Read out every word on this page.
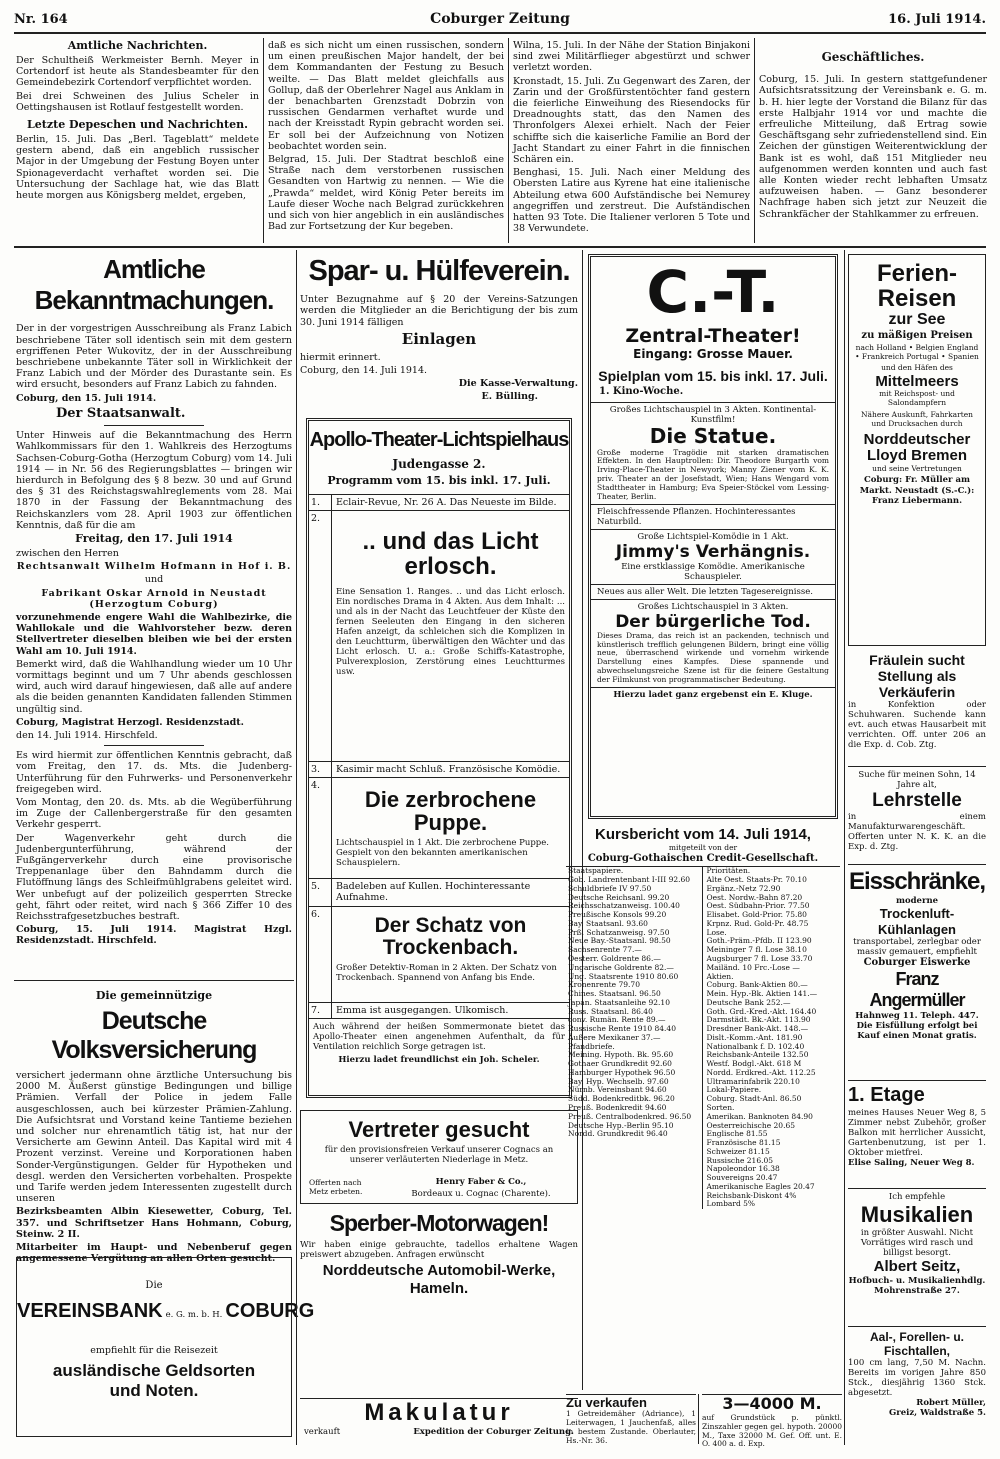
Nr. 164	Coburger Zeitung	16. Juli 1914.
Amtliche Nachrichten.

Der Schultheiß Werkmeister Bernh. Meyer in Cortendorf ist heute als Standesbeamter für den Gemeindebezirk Cortendorf verpflichtet worden.

Bei drei Schweinen des Julius Scheler in Oettingshausen ist Rotlauf festgestellt worden.

Letzte Depeschen und Nachrichten.

Berlin, 15. Juli. Das „Berl. Tageblatt“ meldete gestern abend, daß ein angeblich russischer Major in der Umgebung der Festung Boyen unter Spionageverdacht verhaftet worden sei. Die Untersuchung der Sachlage hat, wie das Blatt heute morgen aus Königsberg meldet, ergeben,

daß es sich nicht um einen russischen, sondern um einen preußischen Major handelt, der bei dem Kommandanten der Festung zu Besuch weilte. — Das Blatt meldet gleichfalls aus Gollup, daß der Oberlehrer Nagel aus Anklam in der benachbarten Grenzstadt Dobrzin von russischen Gendarmen verhaftet wurde und nach der Kreisstadt Rypin gebracht worden sei. Er soll bei der Aufzeichnung von Notizen beobachtet worden sein.

Belgrad, 15. Juli. Der Stadtrat beschloß eine Straße nach dem verstorbenen russischen Gesandten von Hartwig zu nennen. — Wie die „Prawda“ meldet, wird König Peter bereits im Laufe dieser Woche nach Belgrad zurückkehren und sich von hier angeblich in ein ausländisches Bad zur Fortsetzung der Kur begeben.

Wilna, 15. Juli. In der Nähe der Station Binjakoni sind zwei Militärflieger abgestürzt und schwer verletzt worden.

Kronstadt, 15. Juli. Zu Gegenwart des Zaren, der Zarin und der Großfürstentöchter fand gestern die feierliche Einweihung des Riesendocks für Dreadnoughts statt, das den Namen des Thronfolgers Alexei erhielt. Nach der Feier schiffte sich die kaiserliche Familie an Bord der Jacht Standart zu einer Fahrt in die finnischen Schären ein.

Benghasi, 15. Juli. Nach einer Meldung des Obersten Latire aus Kyrene hat eine italienische Abteilung etwa 600 Aufständische bei Nemurey angegriffen und zerstreut. Die Aufständischen hatten 93 Tote. Die Italiener verloren 5 Tote und 38 Verwundete.

Geschäftliches.

Coburg, 15. Juli. In gestern stattgefundener Aufsichtsratssitzung der Vereinsbank e. G. m. b. H. hier legte der Vorstand die Bilanz für das erste Halbjahr 1914 vor und machte die erfreuliche Mitteilung, daß Ertrag sowie Geschäftsgang sehr zufriedenstellend sind. Ein Zeichen der günstigen Weiterentwicklung der Bank ist es wohl, daß 151 Mitglieder neu aufgenommen werden konnten und auch fast alle Konten wieder recht lebhaften Umsatz aufzuweisen haben. — Ganz besonderer Nachfrage haben sich jetzt zur Neuzeit die Schrankfächer der Stahlkammer zu erfreuen.

Amtliche Bekanntmachungen.

Der in der vorgestrigen Ausschreibung als Franz Labich beschriebene Täter soll identisch sein mit dem gestern ergriffenen Peter Wukovitz, der in der Ausschreibung beschriebene unbekannte Täter soll in Wirklichkeit der Franz Labich und der Mörder des Durastante sein. Es wird ersucht, besonders auf Franz Labich zu fahnden.

Coburg, den 15. Juli 1914.

Der Staatsanwalt.

Unter Hinweis auf die Bekanntmachung des Herrn Wahlkommissars für den 1. Wahlkreis des Herzogtums Sachsen-Coburg-Gotha (Herzogtum Coburg) vom 14. Juli 1914 — in Nr. 56 des Regierungsblattes — bringen wir hierdurch in Befolgung des § 8 bezw. 30 und auf Grund des § 31 des Reichstagswahlreglements vom 28. Mai 1870 in der Fassung der Bekanntmachung des Reichskanzlers vom 28. April 1903 zur öffentlichen Kenntnis, daß für die am

Freitag, den 17. Juli 1914

zwischen den Herren

Rechtsanwalt Wilhelm Hofmann in Hof i. B.

und

Fabrikant Oskar Arnold in Neustadt (Herzogtum Coburg)

vorzunehmende engere Wahl die Wahlbezirke, die Wahllokale und die Wahlvorsteher bezw. deren Stellvertreter dieselben bleiben wie bei der ersten Wahl am 10. Juli 1914.

Bemerkt wird, daß die Wahlhandlung wieder um 10 Uhr vormittags beginnt und um 7 Uhr abends geschlossen wird, auch wird darauf hingewiesen, daß alle auf andere als die beiden genannten Kandidaten fallenden Stimmen ungültig sind.

Coburg, Magistrat Herzogl. Residenzstadt.

den 14. Juli 1914. Hirschfeld.

Es wird hiermit zur öffentlichen Kenntnis gebracht, daß vom Freitag, den 17. ds. Mts. die Judenberg-Unterführung für den Fuhrwerks- und Personenverkehr freigegeben wird.

Vom Montag, den 20. ds. Mts. ab die Wegüberführung im Zuge der Callenbergerstraße für den gesamten Verkehr gesperrt.

Der Wagenverkehr geht durch die Judenbergunterführung, während der Fußgängerverkehr durch eine provisorische Treppenanlage über den Bahndamm durch die Flutöffnung längs des Schleifmühlgrabens geleitet wird. Wer unbefugt auf der polizeilich gesperrten Strecke geht, fährt oder reitet, wird nach § 366 Ziffer 10 des Reichsstrafgesetzbuches bestraft.

Coburg, 15. Juli 1914. Magistrat Hzgl. Residenzstadt. Hirschfeld.

Die gemeinnützige
Deutsche Volksversicherung

versichert jedermann ohne ärztliche Untersuchung bis 2000 M. Äußerst günstige Bedingungen und billige Prämien. Verfall der Police in jedem Falle ausgeschlossen, auch bei kürzester Prämien-Zahlung. Die Aufsichtsrat und Vorstand keine Tantieme beziehen und solcher nur ehrenamtlich tätig ist, hat nur der Versicherte am Gewinn Anteil. Das Kapital wird mit 4 Prozent verzinst. Vereine und Korporationen haben Sonder-Vergünstigungen. Gelder für Hypotheken und desgl. werden den Versicherten vorbehalten. Prospekte und Tarife werden jedem Interessenten zugestellt durch unseren

Bezirksbeamten Albin Kiesewetter, Coburg, Tel. 357. und Schriftsetzer Hans Hohmann, Coburg, Steinw. 2 II.

Mitarbeiter im Haupt- und Nebenberuf gegen angemessene Vergütung an allen Orten gesucht.

Die
VEREINSBANK e. G. m. b. H. COBURG
empfiehlt für die Reisezeit
ausländische Geldsorten und Noten.
Spar- u. Hülfeverein.

Unter Bezugnahme auf § 20 der Vereins-Satzungen werden die Mitglieder an die Berichtigung der bis zum 30. Juni 1914 fälligen

Einlagen

hiermit erinnert.

Coburg, den 14. Juli 1914.

Die Kasse-Verwaltung.

E. Bülling.

Apollo-Theater-Lichtspielhaus
Judengasse 2.
Programm vom 15. bis inkl. 17. Juli.
1.	Eclair-Revue, Nr. 26 A. Das Neueste im Bilde.
2.
.. und das Licht erlosch.
Eine Sensation 1. Ranges. .. und das Licht erlosch. Ein nordisches Drama in 4 Akten. Aus dem Inhalt: ... und als in der Nacht das Leuchtfeuer der Küste den fernen Seeleuten den Eingang in den sicheren Hafen anzeigt, da schleichen sich die Komplizen in den Leuchtturm, überwältigen den Wächter und das Licht erlosch. U. a.: Große Schiffs-Katastrophe, Pulverexplosion, Zerstörung eines Leuchtturmes usw.
3.	Kasimir macht Schluß. Französische Komödie.
4.
Die zerbrochene Puppe.
Lichtschauspiel in 1 Akt. Die zerbrochene Puppe. Gespielt von den bekannten amerikanischen Schauspielern.
5.	Badeleben auf Kullen. Hochinteressante Aufnahme.
6.	Der Schatz von Trockenbach.
Großer Detektiv-Roman in 2 Akten. Der Schatz von Trockenbach. Spannend von Anfang bis Ende.
7.	Emma ist ausgegangen. Ulkomisch.
Auch während der heißen Sommermonate bietet das Apollo-Theater einen angenehmen Aufenthalt, da für Ventilation reichlich Sorge getragen ist.
Hierzu ladet freundlichst ein Joh. Scheler.
Vertreter gesucht
für den provisionsfreien Verkauf unserer Cognacs an unserer verläuterten Niederlage in Metz.
Offerten nach Metz erbeten.
Henry Faber & Co.,
Bordeaux u. Cognac (Charente).
Sperber-Motorwagen!
Wir haben einige gebrauchte, tadellos erhaltene Wagen preiswert abzugeben. Anfragen erwünscht
Norddeutsche Automobil-Werke, Hameln.
Makulatur
verkauft	Expedition der Coburger Zeitung.
C.-T.
Zentral-Theater!
Eingang: Grosse Mauer.
Spielplan vom 15. bis inkl. 17. Juli.
1. Kino-Woche.
Großes Lichtschauspiel in 3 Akten. Kontinental-Kunstfilm!
Die Statue.
Große moderne Tragödie mit starken dramatischen Effekten. In den Hauptrollen: Dir. Theodore Burgarth vom Irving-Place-Theater in Newyork; Manny Ziener vom K. K. priv. Theater an der Josefstadt, Wien; Hans Wengard vom Stadttheater in Hamburg; Eva Speier-Stöckel vom Lessing-Theater, Berlin.
Fleischfressende Pflanzen. Hochinteressantes Naturbild.
Große Lichtspiel-Komödie in 1 Akt.
Jimmy's Verhängnis.
Eine erstklassige Komödie. Amerikanische Schauspieler.
Neues aus aller Welt. Die letzten Tagesereignisse.
Großes Lichtschauspiel in 3 Akten.
Der bürgerliche Tod.
Dieses Drama, das reich ist an packenden, technisch und künstlerisch trefflich gelungenen Bildern, bringt eine völlig neue, überraschend wirkende und vornehm wirkende Darstellung eines Kampfes. Diese spannende und abwechselungsreiche Szene ist für die feinere Gestaltung der Filmkunst von programmatischer Bedeutung.
Hierzu ladet ganz ergebenst ein E. Kluge.
Kursbericht vom 14. Juli 1914,
mitgeteilt von der
Coburg-Gothaischen Credit-Gesellschaft.
Staatspapiere.
Gob. Landrentenbant I-III 92.60
Schuldbriefe IV 97.50
Deutsche Reichsanl. 99.20
Reichsschatzanweisg. 100.40
Preußische Konsols 99.20
Bay. Staatsanl. 93.60
Prß. Schatzanweisg. 97.50
Neue Bay.-Staatsanl. 98.50
Sachsenrente 77.—
Oesterr. Goldrente 86.—
Ungarische Goldrente 82.—
Ung. Staatsrente 1910 80.60
Kronenrente 79.70
Chines. Staatsanl. 96.50
Japan. Staatsanleihe 92.10
Russ. Staatsanl. 86.40
conv. Rumän. Rente 89.—
Russische Rente 1910 84.40
Äußere Mexikaner 37.—
Pfandbriefe.
Meining. Hypoth. Bk. 95.60
Gothaer Grundkredit 92.60
Hamburger Hypothek 96.50
Bay. Hyp. Wechselb. 97.60
Nürnb. Vereinsbant 94.60
Südd. Bodenkreditbk. 96.20
Preuß. Bodenkredit 94.60
Preuß. Centralbodenkred. 96.50
Deutsche Hyp.-Berlin 95.10
Nordd. Grundkredit 96.40
Prioritäten.
Alte Oest. Staats-Pr. 70.10
Ergänz.-Netz 72.90
Oest. Nordw.-Bahn 87.20
Oest. Südbahn-Prior. 77.50
Elisabet. Gold-Prior. 75.80
Krpnz. Rud. Gold-Pr. 48.75
Lose.
Goth.-Präm.-Pfdb. II 123.90
Meininger 7 fl. Lose 38.10
Augsburger 7 fl. Lose 33.70
Mailänd. 10 Frc.-Lose —
Aktien.
Coburg. Bank-Aktien 80.—
Mein. Hyp.-Bk. Aktien 141.—
Deutsche Bank 252.—
Goth. Grd.-Kred.-Akt. 164.40
Darmstädt. Bk.-Akt. 113.90
Dresdner Bank-Akt. 148.—
Dislt.-Komm.-Ant. 181.90
Nationalbank f. D. 102.40
Reichsbank-Anteile 132.50
Westf. Bodgl.-Akt. 618 M
Nordd. Erdkred.-Akt. 112.25
Ultramarinfabrik 220.10
Lokal-Papiere.
Coburg. Stadt-Anl. 86.50
Sorten.
Amerikan. Banknoten 84.90
Oesterreichische 20.65
Englische 81.55
Französische 81.15
Schweizer 81.15
Russische 216.05
Napoleondor 16.38
Souvereigns 20.47
Amerikanische Eagles 20.47
Reichsbank-Diskont 4%
Lombard 5%
Zu verkaufen
1 Getreidemäher (Adriance), 1 Leiterwagen, 1 Jauchenfaß, alles in bestem Zustande. Oberlauter, Hs.-Nr. 36.
3—4000 M.
auf Grundstück p. pünktl. Zinszahler gegen gel. hypoth. 20000 M., Taxe 32000 M. Gef. Off. unt. E. O. 400 a. d. Exp.
Ferien-Reisen
zur See
zu mäßigen Preisen
nach Holland • Belgien England • Frankreich Portugal • Spanien
und den Häfen des
Mittelmeers
mit Reichspost- und Salondampfern
Nähere Auskunft, Fahrkarten und Drucksachen durch
Norddeutscher Lloyd Bremen
und seine Vertretungen
Coburg: Fr. Müller am Markt. Neustadt (S.-C.): Franz Liebermann.
Fräulein sucht Stellung als Verkäuferin
in Konfektion oder Schuhwaren. Suchende kann evt. auch etwas Hausarbeit mit verrichten. Off. unter 206 an die Exp. d. Cob. Ztg.
Suche für meinen Sohn, 14 Jahre alt,
Lehrstelle
in einem Manufakturwarengeschäft. Offerten unter N. K. K. an die Exp. d. Ztg.
Eisschränke,
moderne
Trockenluft-Kühlanlagen
transportabel, zerlegbar oder massiv gemauert, empfiehlt
Coburger Eiswerke
Franz Angermüller
Hahnweg 11. Teleph. 447.
Die Eisfüllung erfolgt bei Kauf einen Monat gratis.
1. Etage
meines Hauses Neuer Weg 8, 5 Zimmer nebst Zubehör, großer Balkon mit herrlicher Aussicht, Gartenbenutzung, ist per 1. Oktober mietfrei.
Elise Saling, Neuer Weg 8.
Ich empfehle
Musikalien
in größter Auswahl. Nicht Vorrätiges wird rasch und billigst besorgt.
Albert Seitz,
Hofbuch- u. Musikalienhdlg.
Mohrenstraße 27.
Aal-, Forellen- u. Fischtallen,
100 cm lang, 7,50 M. Nachn. Bereits im vorigen Jahre 850 Stck., diesjährig 1360 Stck. abgesetzt.
Robert Müller,
Greiz, Waldstraße 5.
